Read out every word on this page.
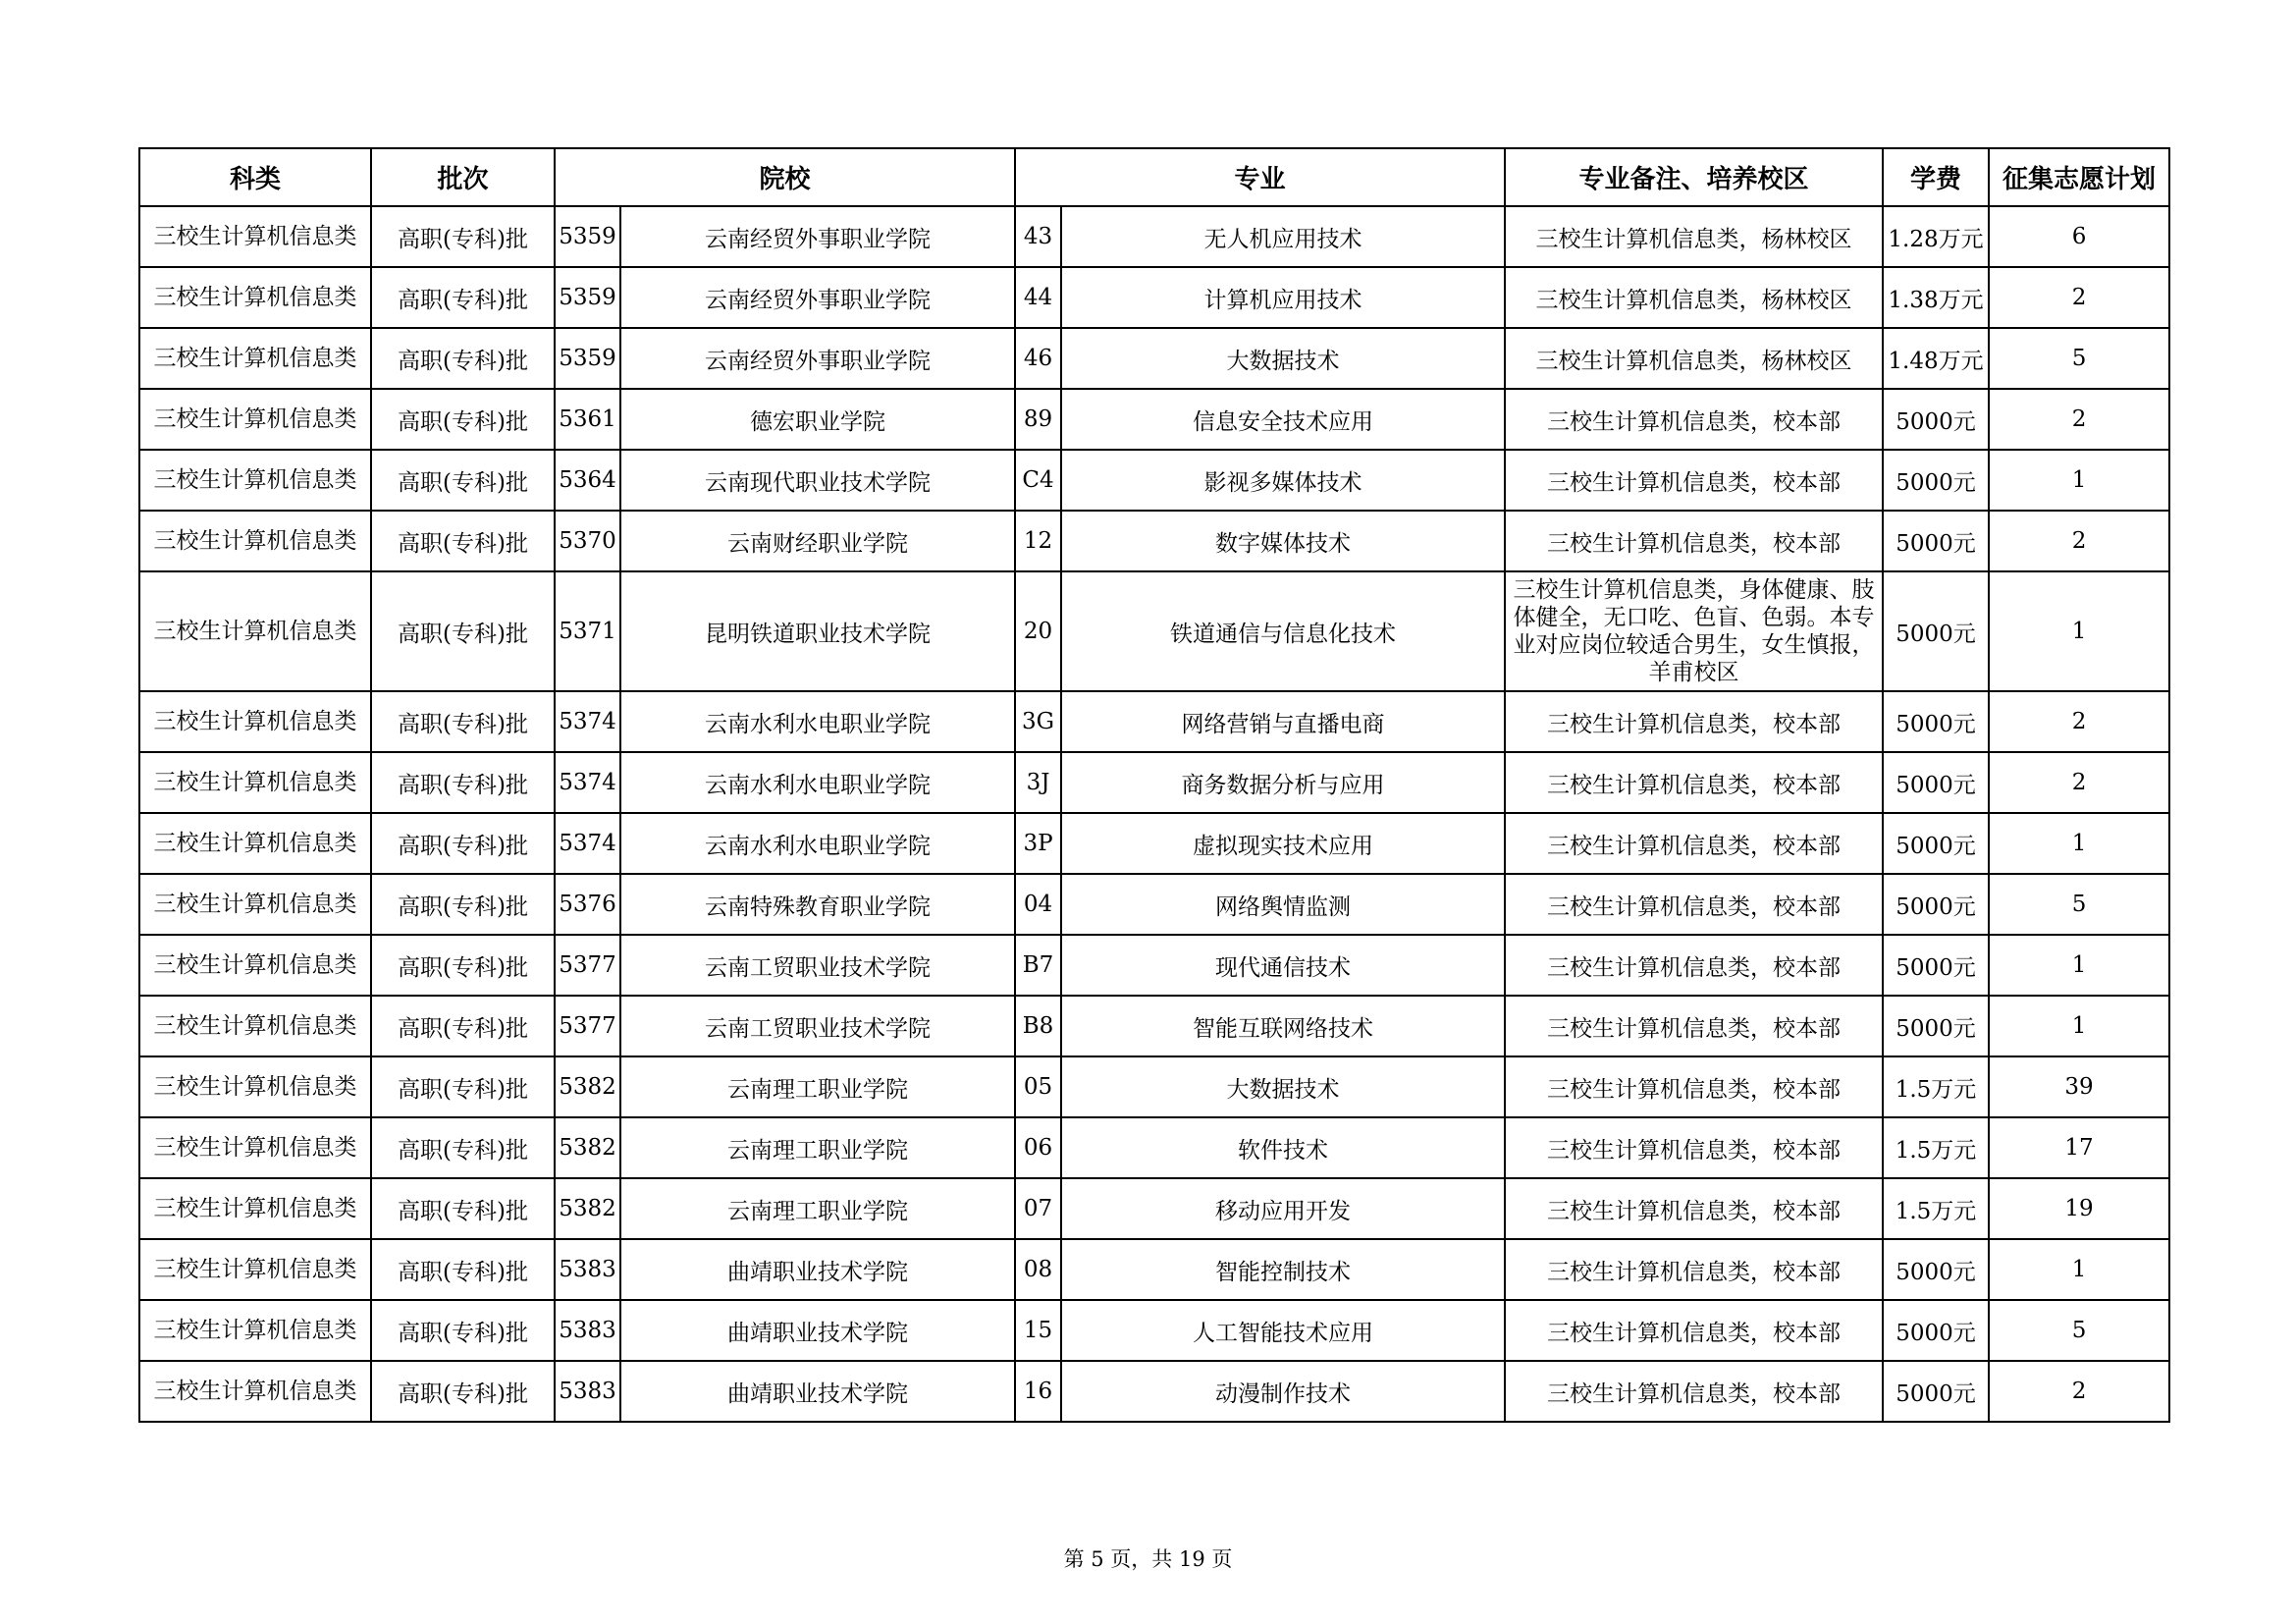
科类	批次	院校		专业		专业备注、培养校区	学费	征集志愿计划
三校生计算机信息类	高职(专科)批	5359	云南经贸外事职业学院	43	无人机应用技术	三校生计算机信息类，杨林校区	1.28万元	6
三校生计算机信息类	高职(专科)批	5359	云南经贸外事职业学院	44	计算机应用技术	三校生计算机信息类，杨林校区	1.38万元	2
三校生计算机信息类	高职(专科)批	5359	云南经贸外事职业学院	46	大数据技术	三校生计算机信息类，杨林校区	1.48万元	5
三校生计算机信息类	高职(专科)批	5361	德宏职业学院	89	信息安全技术应用	三校生计算机信息类，校本部	5000元	2
三校生计算机信息类	高职(专科)批	5364	云南现代职业技术学院	C4	影视多媒体技术	三校生计算机信息类，校本部	5000元	1
三校生计算机信息类	高职(专科)批	5370	云南财经职业学院	12	数字媒体技术	三校生计算机信息类，校本部	5000元	2
三校生计算机信息类	高职(专科)批	5371	昆明铁道职业技术学院	20	铁道通信与信息化技术	三校生计算机信息类，身体健康、肢体健全，无口吃、色盲、色弱。本专业对应岗位较适合男生，女生慎报，羊甫校区	5000元	1
三校生计算机信息类	高职(专科)批	5374	云南水利水电职业学院	3G	网络营销与直播电商	三校生计算机信息类，校本部	5000元	2
三校生计算机信息类	高职(专科)批	5374	云南水利水电职业学院	3J	商务数据分析与应用	三校生计算机信息类，校本部	5000元	2
三校生计算机信息类	高职(专科)批	5374	云南水利水电职业学院	3P	虚拟现实技术应用	三校生计算机信息类，校本部	5000元	1
三校生计算机信息类	高职(专科)批	5376	云南特殊教育职业学院	04	网络舆情监测	三校生计算机信息类，校本部	5000元	5
三校生计算机信息类	高职(专科)批	5377	云南工贸职业技术学院	B7	现代通信技术	三校生计算机信息类，校本部	5000元	1
三校生计算机信息类	高职(专科)批	5377	云南工贸职业技术学院	B8	智能互联网络技术	三校生计算机信息类，校本部	5000元	1
三校生计算机信息类	高职(专科)批	5382	云南理工职业学院	05	大数据技术	三校生计算机信息类，校本部	1.5万元	39
三校生计算机信息类	高职(专科)批	5382	云南理工职业学院	06	软件技术	三校生计算机信息类，校本部	1.5万元	17
三校生计算机信息类	高职(专科)批	5382	云南理工职业学院	07	移动应用开发	三校生计算机信息类，校本部	1.5万元	19
三校生计算机信息类	高职(专科)批	5383	曲靖职业技术学院	08	智能控制技术	三校生计算机信息类，校本部	5000元	1
三校生计算机信息类	高职(专科)批	5383	曲靖职业技术学院	15	人工智能技术应用	三校生计算机信息类，校本部	5000元	5
三校生计算机信息类	高职(专科)批	5383	曲靖职业技术学院	16	动漫制作技术	三校生计算机信息类，校本部	5000元	2
第 5 页，共 19 页
